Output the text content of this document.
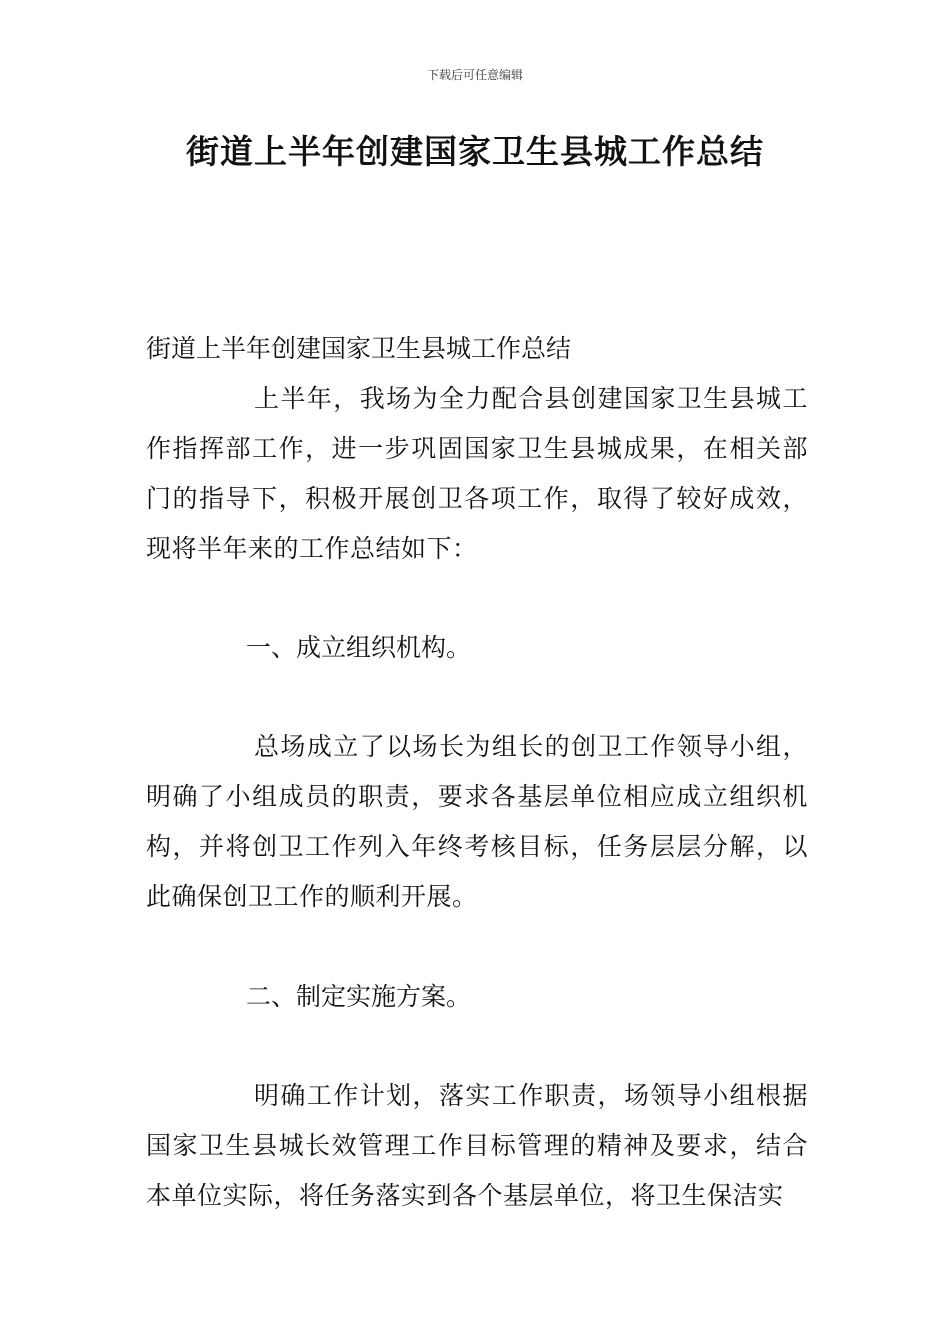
下载后可任意编辑
街道上半年创建国家卫生县城工作总结
街道上半年创建国家卫生县城工作总结

上半年，我场为全力配合县创建国家卫生县城工作指挥部工作，进一步巩固国家卫生县城成果，在相关部门的指导下，积极开展创卫各项工作，取得了较好成效，现将半年来的工作总结如下：

一、成立组织机构。

总场成立了以场长为组长的创卫工作领导小组，明确了小组成员的职责，要求各基层单位相应成立组织机构，并将创卫工作列入年终考核目标，任务层层分解，以此确保创卫工作的顺利开展。

二、制定实施方案。

明确工作计划，落实工作职责，场领导小组根据国家卫生县城长效管理工作目标管理的精神及要求，结合本单位实际，将任务落实到各个基层单位，将卫生保洁实
